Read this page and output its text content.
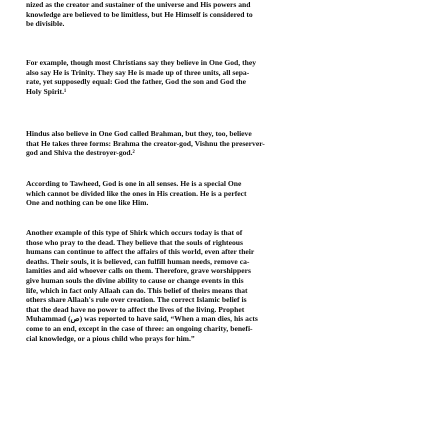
nized as the creator and sustainer of the universe and His powers and
knowledge are believed to be limitless, but He Himself is considered to
be divisible.

For example, though most Christians say they believe in One God, they
also say He is Trinity. They say He is made up of three units, all sepa-
rate, yet supposedly equal: God the father, God the son and God the
Holy Spirit.¹

Hindus also believe in One God called Brahman, but they, too, believe
that He takes three forms: Brahma the creator-god, Vishnu the preserver-
god and Shiva the destroyer-god.²

According to Tawheed, God is one in all senses. He is a special One
which cannot be divided like the ones in His creation. He is a perfect
One and nothing can be one like Him.

Another example of this type of Shirk which occurs today is that of
those who pray to the dead. They believe that the souls of righteous
humans can continue to affect the affairs of this world, even after their
deaths. Their souls, it is believed, can fulfill human needs, remove ca-
lamities and aid whoever calls on them. Therefore, grave worshippers
give human souls the divine ability to cause or change events in this
life, which in fact only Allaah can do. This belief of theirs means that
others share Allaah's rule over creation. The correct Islamic belief is
that the dead have no power to affect the lives of the living. Prophet
Muhammad (ص) was reported to have said, “When a man dies, his acts
come to an end, except in the case of three: an ongoing charity, benefi-
cial knowledge, or a pious child who prays for him.”
